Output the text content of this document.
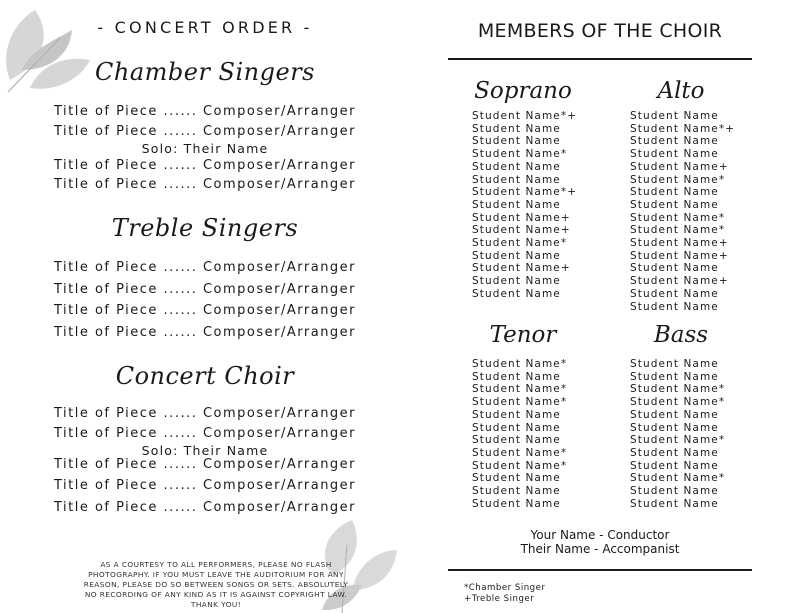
- CONCERT ORDER -
Chamber Singers
Title of Piece ...... Composer/Arranger
Title of Piece ...... Composer/Arranger
Solo: Their Name
Title of Piece ...... Composer/Arranger
Title of Piece ...... Composer/Arranger
Treble Singers
Title of Piece ...... Composer/Arranger
Title of Piece ...... Composer/Arranger
Title of Piece ...... Composer/Arranger
Title of Piece ...... Composer/Arranger
Concert Choir
Title of Piece ...... Composer/Arranger
Title of Piece ...... Composer/Arranger
Solo: Their Name
Title of Piece ...... Composer/Arranger
Title of Piece ...... Composer/Arranger
Title of Piece ...... Composer/Arranger
AS A COURTESY TO ALL PERFORMERS, PLEASE NO FLASH
PHOTOGRAPHY. IF YOU MUST LEAVE THE AUDITORIUM FOR ANY
REASON, PLEASE DO SO BETWEEN SONGS OR SETS. ABSOLUTELY
NO RECORDING OF ANY KIND AS IT IS AGAINST COPYRIGHT LAW.
THANK YOU!
MEMBERS OF THE CHOIR
Soprano	Alto
Student Name*+
Student Name
Student Name
Student Name*
Student Name
Student Name
Student Name*+
Student Name
Student Name+
Student Name+
Student Name*
Student Name
Student Name+
Student Name
Student Name
Student Name
Student Name*+
Student Name
Student Name
Student Name+
Student Name*
Student Name
Student Name
Student Name*
Student Name*
Student Name+
Student Name+
Student Name
Student Name+
Student Name
Student Name
Tenor	Bass
Student Name*
Student Name
Student Name*
Student Name*
Student Name
Student Name
Student Name
Student Name*
Student Name*
Student Name
Student Name
Student Name
Student Name
Student Name
Student Name*
Student Name*
Student Name
Student Name
Student Name*
Student Name
Student Name
Student Name*
Student Name
Student Name
Your Name - Conductor
Their Name - Accompanist
*Chamber Singer
+Treble Singer
